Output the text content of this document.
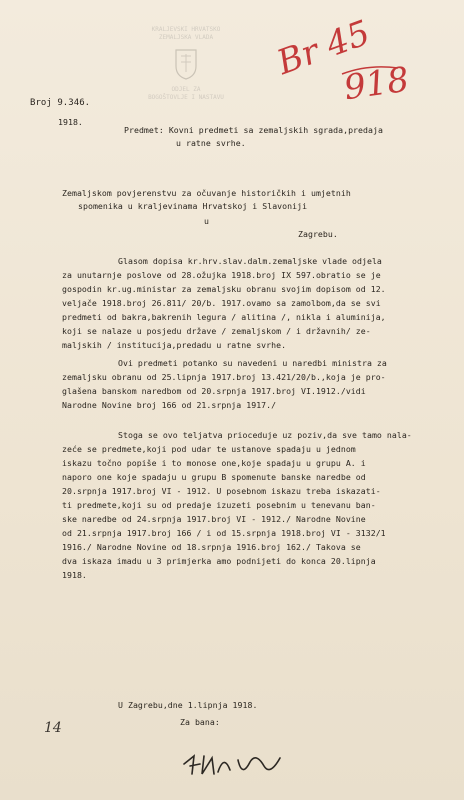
KRALJEVSKI HRVATSKO
ZEMALJSKA VLADA
ODJEL ZA
BOGOŠTOVLJE I NASTAVU
Br 45
918
Broj 9.346.
1918.
Predmet: Kovni predmeti sa zemaljskih sgrada,predaja
u ratne svrhe.
Zemaljskom povjerenstvu za očuvanje historičkih i umjetnih
spomenika u kraljevinama Hrvatskoj i Slavoniji
u
Zagrebu.
Glasom dopisa kr.hrv.slav.dalm.zemaljske vlade odjela
za unutarnje poslove od 28.ožujka 1918.broj IX 597.obratio se je
gospodin kr.ug.ministar za zemaljsku obranu svojim dopisom od 12.
veljače 1918.broj 26.811/ 20/b. 1917.ovamo sa zamolbom,da se svi
predmeti od bakra,bakrenih legura / alitina /, nikla i aluminija,
koji se nalaze u posjedu države / zemaljskom / i državnih/ ze-
maljskih / institucija,predadu u ratne svrhe.
Ovi predmeti potanko su navedeni u naredbi ministra za
zemaljsku obranu od 25.lipnja 1917.broj 13.421/20/b.,koja je pro-
glašena banskom naredbom od 20.srpnja 1917.broj VI.1912./vidi
Narodne Novine broj 166 od 21.srpnja 1917./
Stoga se ovo teljatva prioceduje uz poziv,da sve tamo nala-
zeće se predmete,koji pod udar te ustanove spadaju u jednom
iskazu točno popiše i to monose one,koje spadaju u grupu A. i
naporo one koje spadaju u grupu B spomenute banske naredbe od
20.srpnja 1917.broj VI - 1912. U posebnom iskazu treba iskazati-
ti predmete,koji su od predaje izuzeti posebnim u tenevanu ban-
ske naredbe od 24.srpnja 1917.broj VI - 1912./ Narodne Novine
od 21.srpnja 1917.broj 166 / i od 15.srpnja 1918.broj VI - 3132/1
1916./ Narodne Novine od 18.srpnja 1916.broj 162./ Takova se
dva iskaza imadu u 3 primjerka amo podnijeti do konca 20.lipnja
1918.
U Zagrebu,dne 1.lipnja 1918.
Za bana:
14
